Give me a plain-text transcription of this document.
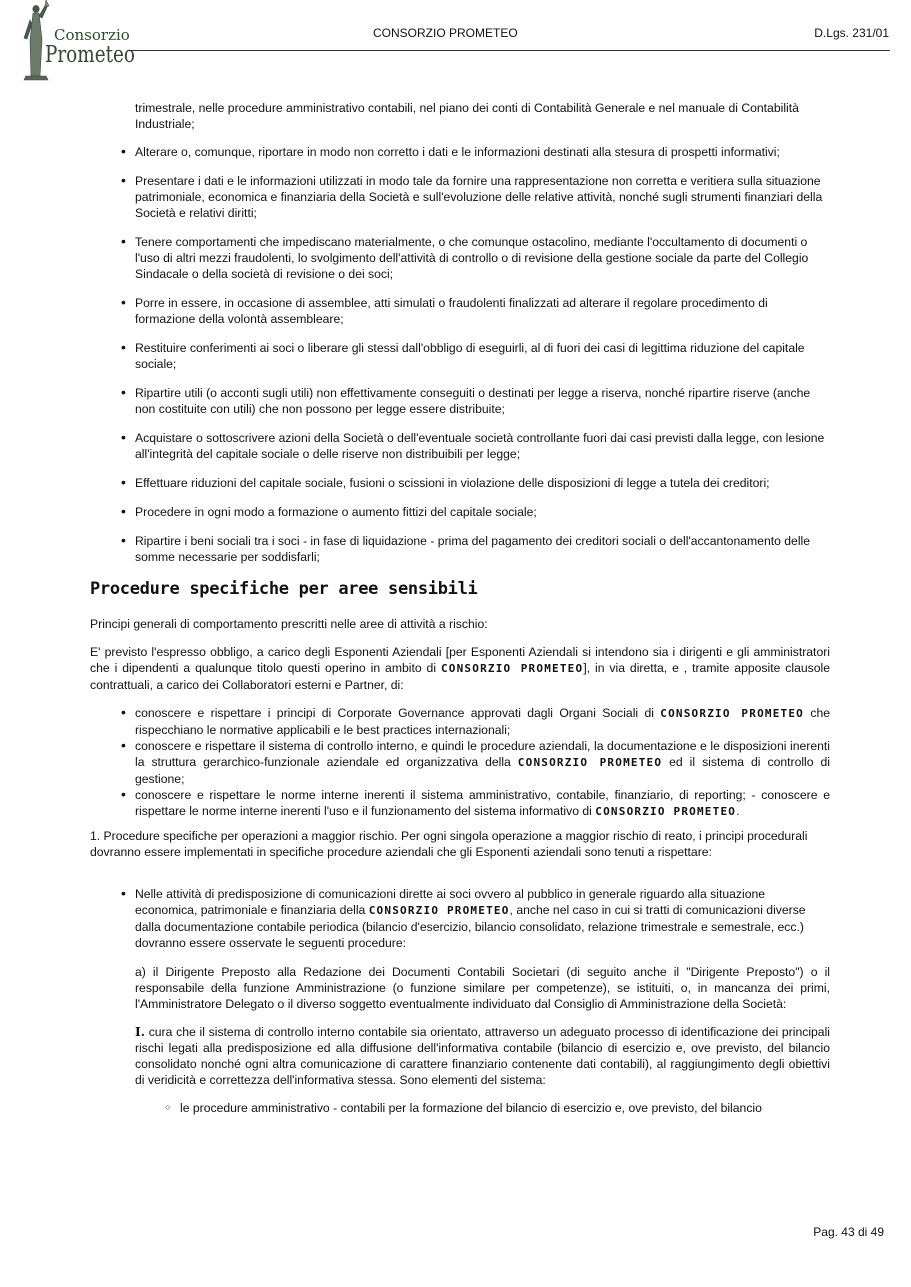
Consorzio
Prometeo
CONSORZIO PROMETEO	D.Lgs. 231/01
trimestrale, nelle procedure amministrativo contabili, nel piano dei conti di Contabilità Generale e nel manuale di Contabilità Industriale;
• Alterare o, comunque, riportare in modo non corretto i dati e le informazioni destinati alla stesura di prospetti informativi;
• Presentare i dati e le informazioni utilizzati in modo tale da fornire una rappresentazione non corretta e veritiera sulla situazione patrimoniale, economica e finanziaria della Società e sull'evoluzione delle relative attività, nonché sugli strumenti finanziari della Società e relativi diritti;
• Tenere comportamenti che impediscano materialmente, o che comunque ostacolino, mediante l'occultamento di documenti o l'uso di altri mezzi fraudolenti, lo svolgimento dell'attività di controllo o di revisione della gestione sociale da parte del Collegio Sindacale o della società di revisione o dei soci;
• Porre in essere, in occasione di assemblee, atti simulati o fraudolenti finalizzati ad alterare il regolare procedimento di formazione della volontà assembleare;
• Restituire conferimenti ai soci o liberare gli stessi dall'obbligo di eseguirli, al di fuori dei casi di legittima riduzione del capitale sociale;
• Ripartire utili (o acconti sugli utili) non effettivamente conseguiti o destinati per legge a riserva, nonché ripartire riserve (anche non costituite con utili) che non possono per legge essere distribuite;
• Acquistare o sottoscrivere azioni della Società o dell'eventuale società controllante fuori dai casi previsti dalla legge, con lesione all'integrità del capitale sociale o delle riserve non distribuibili per legge;
• Effettuare riduzioni del capitale sociale, fusioni o scissioni in violazione delle disposizioni di legge a tutela dei creditori;
• Procedere in ogni modo a formazione o aumento fittizi del capitale sociale;
• Ripartire i beni sociali tra i soci - in fase di liquidazione - prima del pagamento dei creditori sociali o dell'accantonamento delle somme necessarie per soddisfarli;
Procedure specifiche per aree sensibili

Principi generali di comportamento prescritti nelle aree di attività a rischio:

E' previsto l'espresso obbligo, a carico degli Esponenti Aziendali [per Esponenti Aziendali si intendono sia i dirigenti e gli amministratori che i dipendenti a qualunque titolo questi operino in ambito di CONSORZIO PROMETEO], in via diretta, e , tramite apposite clausole contrattuali, a carico dei Collaboratori esterni e Partner, di:

• conoscere e rispettare i principi di Corporate Governance approvati dagli Organi Sociali di CONSORZIO PROMETEO che rispecchiano le normative applicabili e le best practices internazionali;
• conoscere e rispettare il sistema di controllo interno, e quindi le procedure aziendali, la documentazione e le disposizioni inerenti la struttura gerarchico-funzionale aziendale ed organizzativa della CONSORZIO PROMETEO ed il sistema di controllo di gestione;
• conoscere e rispettare le norme interne inerenti il sistema amministrativo, contabile, finanziario, di reporting; - conoscere e rispettare le norme interne inerenti l'uso e il funzionamento del sistema informativo di CONSORZIO PROMETEO.

1. Procedure specifiche per operazioni a maggior rischio. Per ogni singola operazione a maggior rischio di reato, i principi procedurali dovranno essere implementati in specifiche procedure aziendali che gli Esponenti aziendali sono tenuti a rispettare:

• Nelle attività di predisposizione di comunicazioni dirette ai soci ovvero al pubblico in generale riguardo alla situazione economica, patrimoniale e finanziaria della CONSORZIO PROMETEO, anche nel caso in cui si tratti di comunicazioni diverse dalla documentazione contabile periodica (bilancio d'esercizio, bilancio consolidato, relazione trimestrale e semestrale, ecc.) dovranno essere osservate le seguenti procedure:
a) il Dirigente Preposto alla Redazione dei Documenti Contabili Societari (di seguito anche il "Dirigente Preposto") o il responsabile della funzione Amministrazione (o funzione similare per competenze), se istituiti, o, in mancanza dei primi, l'Amministratore Delegato o il diverso soggetto eventualmente individuato dal Consiglio di Amministrazione della Società:
I. cura che il sistema di controllo interno contabile sia orientato, attraverso un adeguato processo di identificazione dei principali rischi legati alla predisposizione ed alla diffusione dell'informativa contabile (bilancio di esercizio e, ove previsto, del bilancio consolidato nonché ogni altra comunicazione di carattere finanziario contenente dati contabili), al raggiungimento degli obiettivi di veridicità e correttezza dell'informativa stessa. Sono elementi del sistema:
○ le procedure amministrativo - contabili per la formazione del bilancio di esercizio e, ove previsto, del bilancio
Pag. 43 di 49
